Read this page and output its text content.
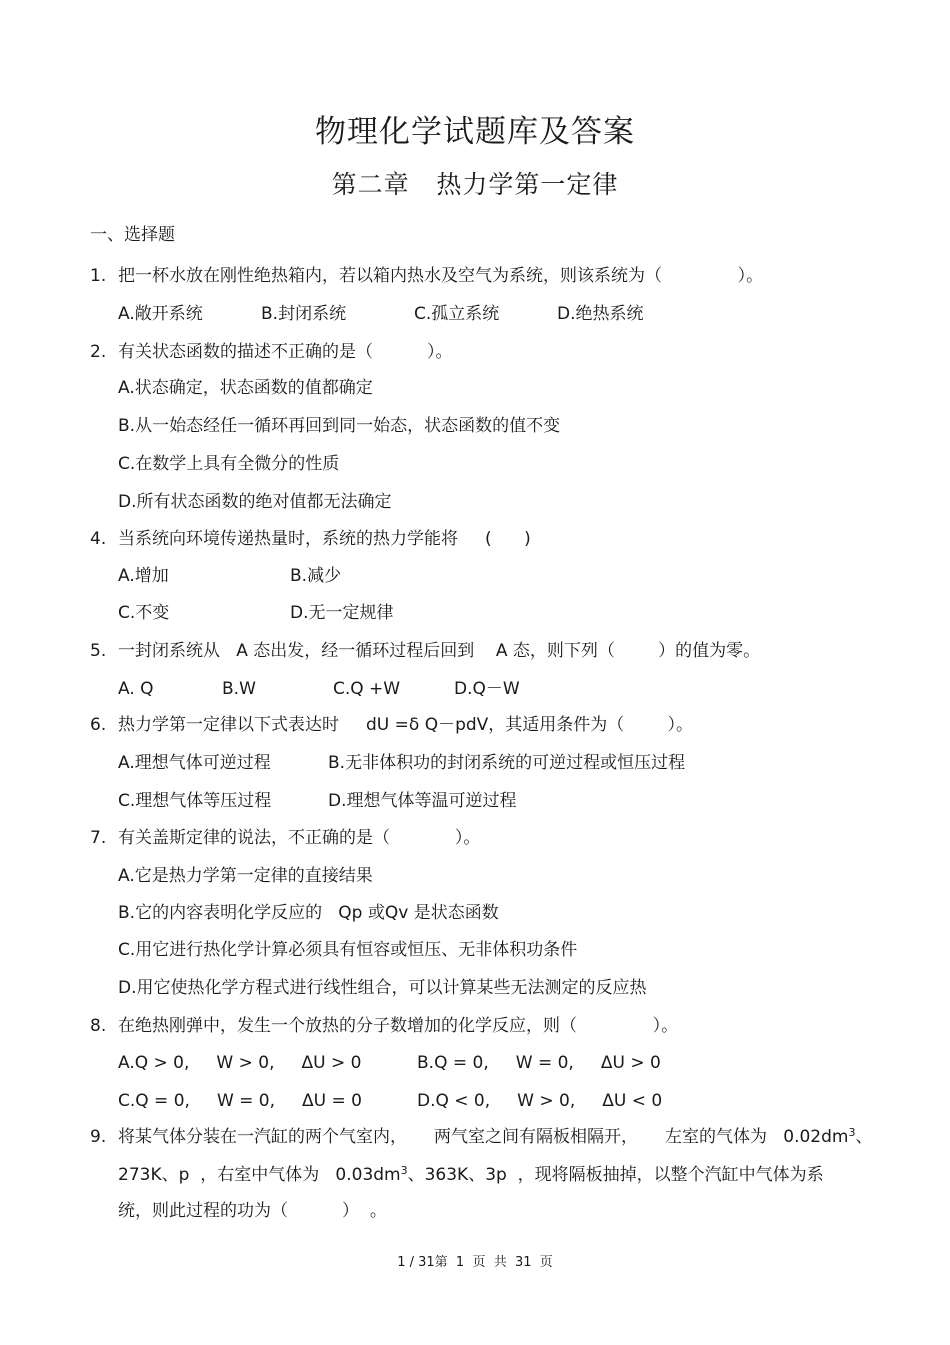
物理化学试题库及答案
第二章   热力学第一定律
一、选择题
1. 把一杯水放在刚性绝热箱内，若以箱内热水及空气为系统，则该系统为（              ）。
A.敞开系统	B.封闭系统	C.孤立系统	D.绝热系统
2. 有关状态函数的描述不正确的是（          ）。
A.状态确定，状态函数的值都确定
B.从一始态经任一循环再回到同一始态，状态函数的值不变
C.在数学上具有全微分的性质
D.所有状态函数的绝对值都无法确定
4. 当系统向环境传递热量时，系统的热力学能将     (      )
A.增加	B.减少
C.不变	D.无一定规律
5. 一封闭系统从   A 态出发，经一循环过程后回到    A 态，则下列（        ）的值为零。
A. Q	B.W	C.Q +W	D.Q－W
6. 热力学第一定律以下式表达时     dU =δ Q－pdV，其适用条件为（        ）。
A.理想气体可逆过程	B.无非体积功的封闭系统的可逆过程或恒压过程
C.理想气体等压过程	D.理想气体等温可逆过程
7. 有关盖斯定律的说法，不正确的是（            ）。
A.它是热力学第一定律的直接结果
B.它的内容表明化学反应的   Qp 或Qv 是状态函数
C.用它进行热化学计算必须具有恒容或恒压、无非体积功条件
D.用它使热化学方程式进行线性组合，可以计算某些无法测定的反应热
8. 在绝热刚弹中，发生一个放热的分子数增加的化学反应，则（              ）。
A.Q > 0,     W > 0,     ΔU > 0	B.Q = 0,     W = 0,     ΔU > 0
C.Q = 0,     W = 0,     ΔU = 0	D.Q < 0,     W > 0,     ΔU < 0
9. 将某气体分装在一汽缸的两个气室内，     两气室之间有隔板相隔开，     左室的气体为   $0.02dm^3$、
273K、p  ，右室中气体为   $0.03dm^3$、363K、3p  ，现将隔板抽掉，以整个汽缸中气体为系
统，则此过程的功为（          ）  。
1 / 31第  1  页  共  31  页
